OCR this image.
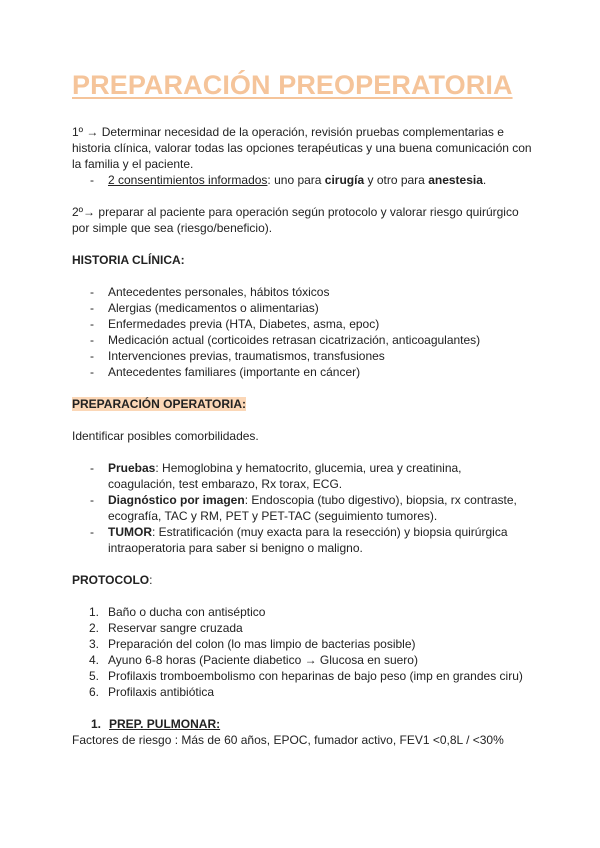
PREPARACIÓN PREOPERATORIA

1º → Determinar necesidad de la operación, revisión pruebas complementarias e historia clínica, valorar todas las opciones terapéuticas y una buena comunicación con la familia y el paciente.

- 2 consentimientos informados: uno para cirugía y otro para anestesia.

2º→ preparar al paciente para operación según protocolo y valorar riesgo quirúrgico por simple que sea (riesgo/beneficio).

HISTORIA CLÍNICA:

- Antecedentes personales, hábitos tóxicos
- Alergias (medicamentos o alimentarias)
- Enfermedades previa (HTA, Diabetes, asma, epoc)
- Medicación actual (corticoides retrasan cicatrización, anticoagulantes)
- Intervenciones previas, traumatismos, transfusiones
- Antecedentes familiares (importante en cáncer)

PREPARACIÓN OPERATORIA:

Identificar posibles comorbilidades.

- Pruebas: Hemoglobina y hematocrito, glucemia, urea y creatinina, coagulación, test embarazo, Rx torax, ECG.
- Diagnóstico por imagen: Endoscopia (tubo digestivo), biopsia, rx contraste, ecografía, TAC y RM, PET y PET-TAC (seguimiento tumores).
- TUMOR: Estratificación (muy exacta para la resección) y biopsia quirúrgica intraoperatoria para saber si benigno o maligno.

PROTOCOLO:

1. Baño o ducha con antiséptico
2. Reservar sangre cruzada
3. Preparación del colon (lo mas limpio de bacterias posible)
4. Ayuno 6-8 horas (Paciente diabetico → Glucosa en suero)
5. Profilaxis tromboembolismo con heparinas de bajo peso (imp en grandes ciru)
6. Profilaxis antibiótica

1. PREP. PULMONAR:

Factores de riesgo : Más de 60 años, EPOC, fumador activo, FEV1 <0,8L / <30%
